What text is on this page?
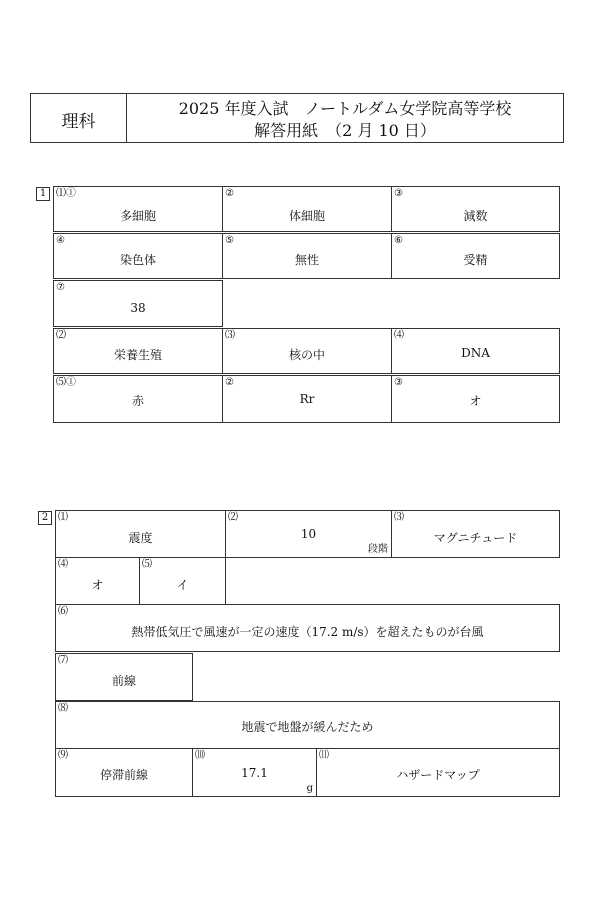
理科
2025 年度入試　ノートルダム女学院高等学校
解答用紙　（2 月 10 日）
1 ⑴①
多細胞
②
体細胞
③
減数
④
染色体
⑤
無性
⑥
受精
⑦
38
⑵
栄養生殖
⑶
核の中
⑷
DNA
⑸①
赤
②
Rr
③
オ
2 ⑴
震度
⑵
10
段階
⑶
マグニチュード
⑷
オ
⑸
イ
⑹
熱帯低気圧で風速が一定の速度（17.2 m/s）を超えたものが台風
⑺
前線
⑻
地震で地盤が緩んだため
⑼
停滞前線
⑽
17.1
g
⑾
ハザードマップ
